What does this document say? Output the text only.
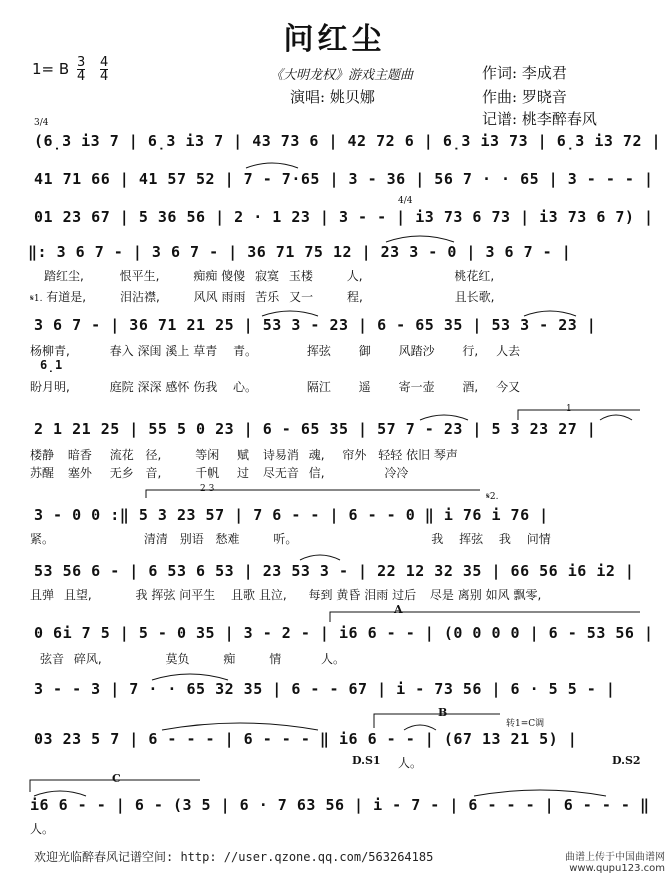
问红尘
1= B $\frac{3}{4} \frac{4}{4}$	《大明龙权》游戏主题曲
演唱: 姚贝娜
作词: 李成君
作曲: 罗晓音
记谱: 桃李醉春风
3/4
4/4
(6̣3 i3 7 | 6̣3 i3 7 | 43 73 6 | 42 72 6 | 6̣3 i3 73 | 6̣3 i3 72 |
41 71 66 | 41 57 52 | 7 - 7·65 | 3 - 36 | 56 7 · · 65 | 3 - - - |
01 23 67 | 5 36 56 | 2 · 1 23 | 3 - - | i3 73 6 73 | i3 73 6 7) |
‖: 3 6 7 - | 3 6 7 - | 36 71 75 12 | 23 3 - 0 | 3 6 7 - |
踏红尘,	恨平生,	痴痴 傻傻 寂寞 玉楼	人,	桃花红,
𝄋1. 有道是,	泪沾襟,	风风 雨雨 苦乐 又一	程,	且长歌,
3 6 7 - | 36 71 21 25 | 53 3 - 23 | 6 - 65 35 | 53 3 - 23 |
杨柳青,	春入 深闺 溪上 草青 青。	挥弦 御 风踏沙 行, 人去
6̣1
盼月明,	庭院 深深 感怀 伤我 心。	隔江 遥 寄一壶 酒, 今又
1
2 1 21 25 | 55 5 0 23 | 6 - 65 35 | 57 7 - 23 | 5 3 23 27 |
楼静 暗香 流花 径,	等闲 赋 诗易消 魂, 帘外 轻轻 依旧 琴声
苏醒 塞外 无乡 音,	千帆 过 尽无音 信,	冷冷
2 3
𝄋2.
3 - 0 0 :‖ 5 3 23 57 | 7 6 - - | 6 - - 0 ‖ i 76 i 76 |
紧。	清清 别语 愁难	听。	我 挥弦 我 问情
53 56 6 - | 6 53 6 53 | 23 53 3 - | 22 12 32 35 | 66 56 i6 i2 |
且弹 且望,	我 挥弦 问平生 且歌 且泣, 每到 黄昏 泪雨 过后 尽是 离别 如风 飘零,
A
0 6i 7 5 | 5 - 0 35 | 3 - 2 - | i6 6 - - | (0 0 0 0 | 6 - 53 56 |
弦音 碎风,	莫负	痴	情	人。
3 - - 3 | 7 · · 65 32 35 | 6 - - 67 | i - 73 56 | 6 · 5 5 - |
B
转1=C调
03 23 5 7 | 6 - - - | 6 - - - ‖ i6 6 - - | (67 13 21 5) |
D.S1 人。	D.S2
C
i6 6 - - | 6 - (3 5 | 6 · 7 63 56 | i - 7 - | 6 - - - | 6 - - - ‖
人。
欢迎光临醉春风记谱空间: http: //user.qzone.qq.com/563264185	曲谱上传于中国曲谱网
www.qupu123.com
